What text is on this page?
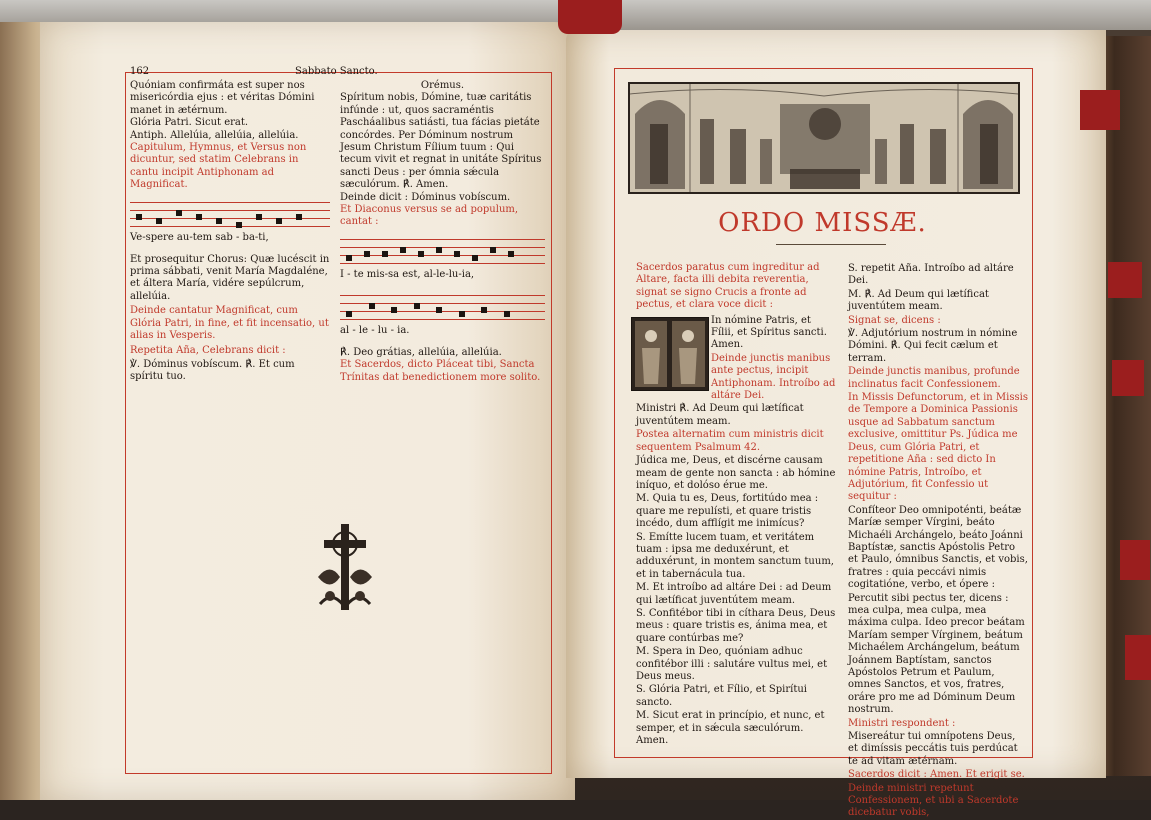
162	Sabbato Sancto.
Quóniam confirmáta est super nos misericórdia ejus : et véritas Dómini manet in ætérnum.
Glória Patri. Sicut erat.
Antiph. Allelúia, allelúia, allelúia.
Capitulum, Hymnus, et Versus non dicuntur, sed statim Celebrans in cantu incipit Antiphonam ad Magnificat.
Ve-spere au-tem sab - ba-ti,
Et prosequitur Chorus: Quæ lucéscit in prima sábbati, venit María Magdaléne, et áltera María, vidére sepúlcrum, allelúia.
Deinde cantatur Magnificat, cum Glória Patri, in fine, et fit incensatio, ut alias in Vesperis.
Repetita Aña, Celebrans dicit :
℣. Dóminus vobíscum. ℟. Et cum spíritu tuo.
Orémus.
Spíritum nobis, Dómine, tuæ caritátis infúnde : ut, quos sacraméntis Pascháalibus satiásti, tua fácias pietáte concórdes. Per Dóminum nostrum Jesum Christum Fílium tuum : Qui tecum vivit et regnat in unitáte Spíritus sancti Deus : per ómnia sǽcula sæculórum. ℟. Amen.
Deinde dicit : Dóminus vobíscum.
Et Diaconus versus se ad populum, cantat :
I - te mis-sa est, al-le-lu-ia,
al - le - lu - ia.
℟. Deo grátias, allelúia, allelúia.
Et Sacerdos, dicto Pláceat tibi, Sancta Trínitas dat benedictionem more solito.
ORDO MISSÆ.
Sacerdos paratus cum ingreditur ad Altare, facta illi debita reverentia, signat se signo Crucis a fronte ad pectus, et clara voce dicit :
In nómine Patris, et Fílii, et Spíritus sancti. Amen.
Deinde junctis manibus ante pectus, incipit Antiphonam. Introíbo ad altáre Dei.
Ministri ℟. Ad Deum qui lætíficat juventútem meam.
Postea alternatim cum ministris dicit sequentem Psalmum 42.
Júdica me, Deus, et discérne causam meam de gente non sancta : ab hómine iníquo, et dolóso érue me.
M. Quia tu es, Deus, fortitúdo mea : quare me repulísti, et quare tristis incédo, dum afflígit me inimícus?
S. Emítte lucem tuam, et veritátem tuam : ipsa me deduxérunt, et adduxérunt, in montem sanctum tuum, et in tabernácula tua.
M. Et introíbo ad altáre Dei : ad Deum qui lætíficat juventútem meam.
S. Confitébor tibi in cíthara Deus, Deus meus : quare tristis es, ánima mea, et quare contúrbas me?
M. Spera in Deo, quóniam adhuc confitébor illi : salutáre vultus mei, et Deus meus.
S. Glória Patri, et Fílio, et Spirítui sancto.
M. Sicut erat in princípio, et nunc, et semper, et in sǽcula sæculórum. Amen.
S. repetit Aña. Introíbo ad altáre Dei.
M. ℟. Ad Deum qui lætíficat juventútem meam.
Signat se, dicens :
℣. Adjutórium nostrum in nómine Dómini. ℟. Qui fecit cælum et terram.
Deinde junctis manibus, profunde inclinatus facit Confessionem.
In Missis Defunctorum, et in Missis de Tempore a Dominica Passionis usque ad Sabbatum sanctum exclusive, omittitur Ps. Júdica me Deus, cum Glória Patri, et repetitione Aña : sed dicto In nómine Patris, Introíbo, et Adjutórium, fit Confessio ut sequitur :
Confíteor Deo omnipoténti, beátæ Maríæ semper Vírgini, beáto Michaéli Archángelo, beáto Joánni Baptístæ, sanctis Apóstolis Petro et Paulo, ómnibus Sanctis, et vobis, fratres : quia peccávi nimis cogitatióne, verbo, et ópere :
Percutit sibi pectus ter, dicens : mea culpa, mea culpa, mea máxima culpa. Ideo precor beátam Maríam semper Vírginem, beátum Michaélem Archángelum, beátum Joánnem Baptístam, sanctos Apóstolos Petrum et Paulum, omnes Sanctos, et vos, fratres, oráre pro me ad Dóminum Deum nostrum.
Ministri respondent :
Misereátur tui omnípotens Deus, et dimíssis peccátis tuis perdúcat te ad vitam ætérnam.
Sacerdos dicit : Amen. Et erigit se.
Deinde ministri repetunt Confessionem, et ubi a Sacerdote dicebatur vobis,
